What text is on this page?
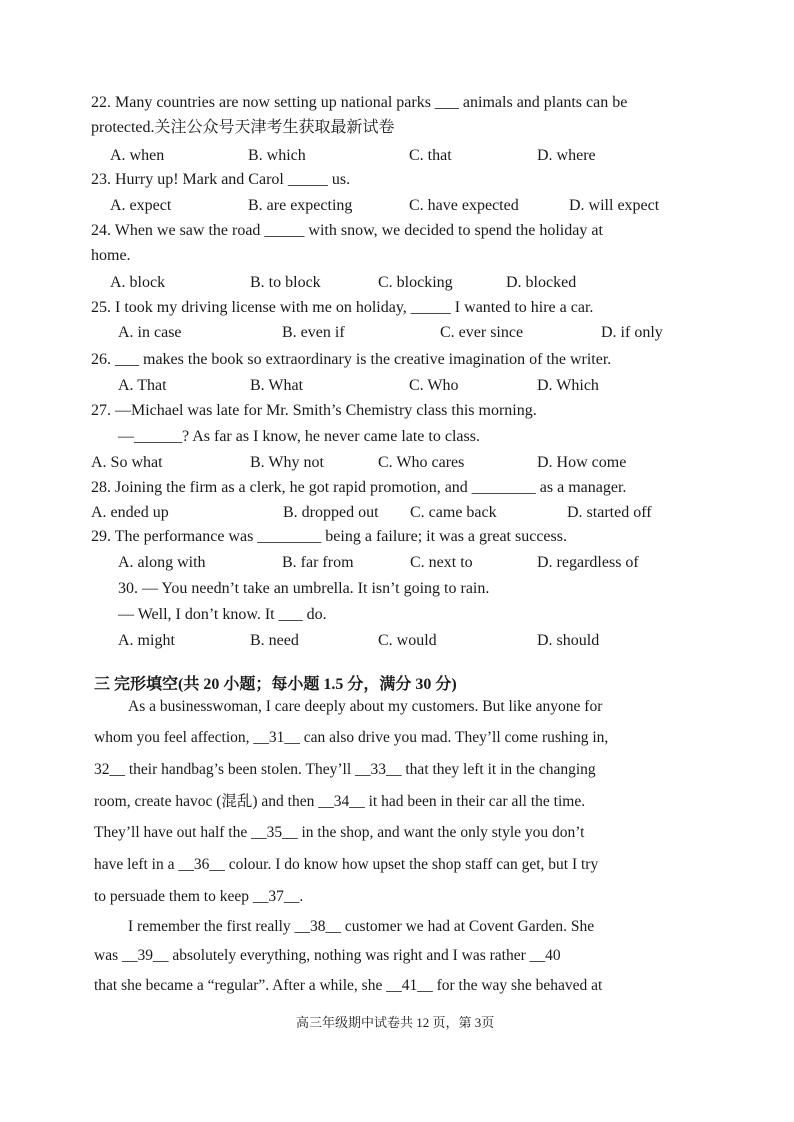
22. Many countries are now setting up national parks ___ animals and plants can be
protected.关注公众号天津考生获取最新试卷
A. when	B. which	C. that	D. where
23. Hurry up! Mark and Carol _____ us.
A. expect	B. are expecting	C. have expected	D. will expect
24. When we saw the road _____ with snow, we decided to spend the holiday at
home.
A. block	B. to block	C. blocking	D. blocked
25. I took my driving license with me on holiday, _____ I wanted to hire a car.
A. in case	B. even if	C. ever since	D. if only
26. ___ makes the book so extraordinary is the creative imagination of the writer.
A. That	B. What	C. Who	D. Which
27. —Michael was late for Mr. Smith’s Chemistry class this morning.
—______? As far as I know, he never came late to class.
A. So what	B. Why not	C. Who cares	D. How come
28. Joining the firm as a clerk, he got rapid promotion, and ________ as a manager.
A. ended up	B. dropped out C. came back	D. started off
29. The performance was ________ being a failure; it was a great success.
A. along with	B. far from	C. next to	D. regardless of
30. — You needn’t take an umbrella. It isn’t going to rain.
— Well, I don’t know. It ___ do.
A. might	B. need	C. would	D. should
三 完形填空(共 20 小题；每小题 1.5 分，满分 30 分)
As a businesswoman, I care deeply about my customers. But like anyone for
whom you feel affection, __31__ can also drive you mad. They’ll come rushing in,
32__ their handbag’s been stolen. They’ll __33__ that they left it in the changing
room, create havoc (混乱) and then __34__ it had been in their car all the time.
They’ll have out half the __35__ in the shop, and want the only style you don’t
have left in a __36__ colour. I do know how upset the shop staff can get, but I try
to persuade them to keep __37__.
I remember the first really __38__ customer we had at Covent Garden. She
was __39__ absolutely everything, nothing was right and I was rather __40
that she became a “regular”. After a while, she __41__ for the way she behaved at
高三年级期中试卷共 12 页，第 3页
